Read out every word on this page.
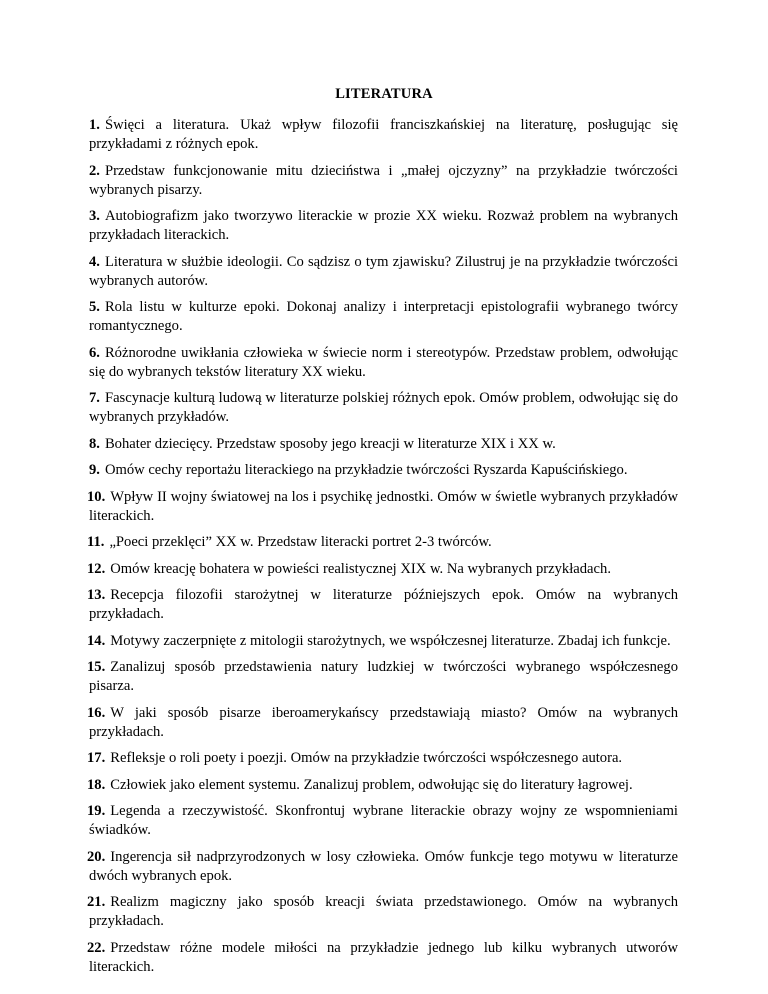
LITERATURA
1. Święci a literatura. Ukaż wpływ filozofii franciszkańskiej na literaturę, posługując się przykładami z różnych epok.
2. Przedstaw funkcjonowanie mitu dzieciństwa i „małej ojczyzny” na przykładzie twórczości wybranych pisarzy.
3. Autobiografizm jako tworzywo literackie w prozie XX wieku. Rozważ problem na wybranych przykładach literackich.
4. Literatura w służbie ideologii. Co sądzisz o tym zjawisku? Zilustruj je na przykładzie twórczości wybranych autorów.
5. Rola listu w kulturze epoki. Dokonaj analizy i interpretacji epistolografii wybranego twórcy romantycznego.
6. Różnorodne uwikłania człowieka w świecie norm i stereotypów. Przedstaw problem, odwołując się do wybranych tekstów literatury XX wieku.
7. Fascynacje kulturą ludową w literaturze polskiej różnych epok. Omów problem, odwołując się do wybranych przykładów.
8. Bohater dziecięcy. Przedstaw sposoby jego kreacji w literaturze XIX i XX w.
9. Omów cechy reportażu literackiego na przykładzie twórczości Ryszarda Kapuścińskiego.
10. Wpływ II wojny światowej na los i psychikę jednostki. Omów w świetle wybranych przykładów literackich.
11. „Poeci przeklęci” XX w. Przedstaw literacki portret 2-3 twórców.
12. Omów kreację bohatera w powieści realistycznej XIX w. Na wybranych przykładach.
13. Recepcja filozofii starożytnej w literaturze późniejszych epok. Omów na wybranych przykładach.
14. Motywy zaczerpnięte z mitologii starożytnych, we współczesnej literaturze. Zbadaj ich funkcje.
15. Zanalizuj sposób przedstawienia natury ludzkiej w twórczości wybranego współczesnego pisarza.
16. W jaki sposób pisarze iberoamerykańscy przedstawiają miasto? Omów na wybranych przykładach.
17. Refleksje o roli poety i poezji. Omów na przykładzie twórczości współczesnego autora.
18. Człowiek jako element systemu. Zanalizuj problem, odwołując się do literatury łagrowej.
19. Legenda a rzeczywistość. Skonfrontuj wybrane literackie obrazy wojny ze wspomnieniami świadków.
20. Ingerencja sił nadprzyrodzonych w losy człowieka. Omów funkcje tego motywu w literaturze dwóch wybranych epok.
21. Realizm magiczny jako sposób kreacji świata przedstawionego. Omów na wybranych przykładach.
22. Przedstaw różne modele miłości na przykładzie jednego lub kilku wybranych utworów literackich.
